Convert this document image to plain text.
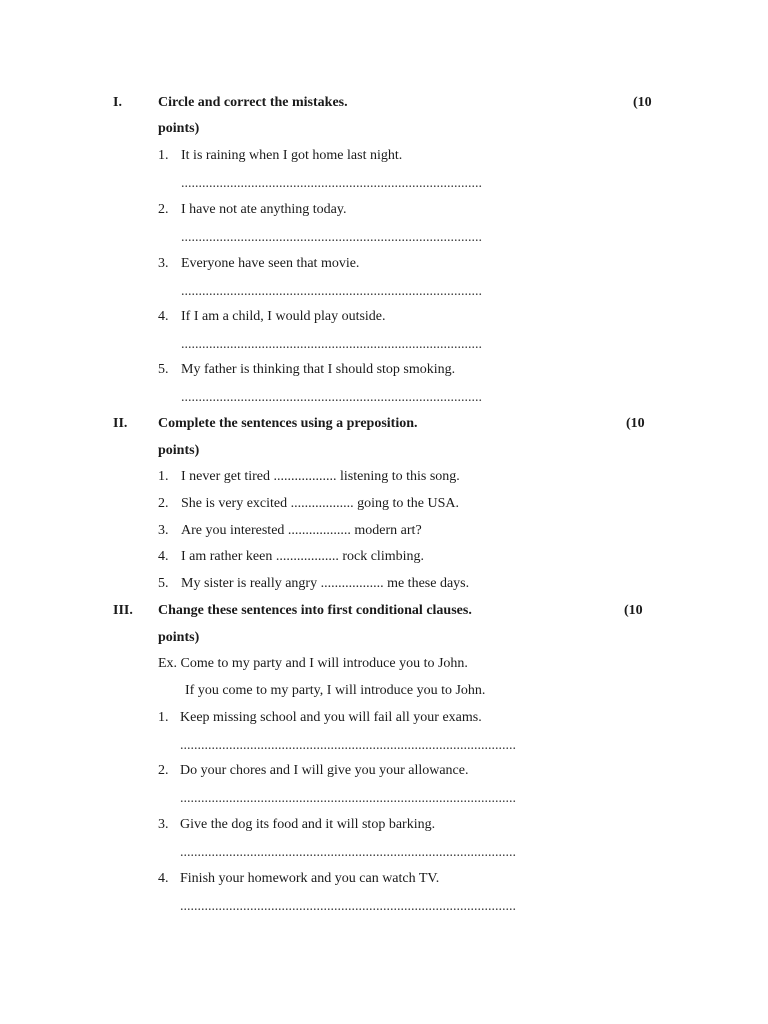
I.	Circle and correct the mistakes.	(10
points)
1. It is raining when I got home last night.
......................................................................................
2. I have not ate anything today.
......................................................................................
3. Everyone have seen that movie.
......................................................................................
4. If I am a child, I would play outside.
......................................................................................
5. My father is thinking that I should stop smoking.
......................................................................................
II. Complete the sentences using a preposition.	(10
points)
1. I never get tired .................. listening to this song.
2. She is very excited .................. going to the USA.
3. Are you interested .................. modern art?
4. I am rather keen .................. rock climbing.
5. My sister is really angry .................. me these days.
III. Change these sentences into first conditional clauses.	(10
points)
Ex. Come to my party and I will introduce you to John.
If you come to my party, I will introduce you to John.
1. Keep missing school and you will fail all your exams.
................................................................................................
2. Do your chores and I will give you your allowance.
................................................................................................
3. Give the dog its food and it will stop barking.
................................................................................................
4. Finish your homework and you can watch TV.
................................................................................................
